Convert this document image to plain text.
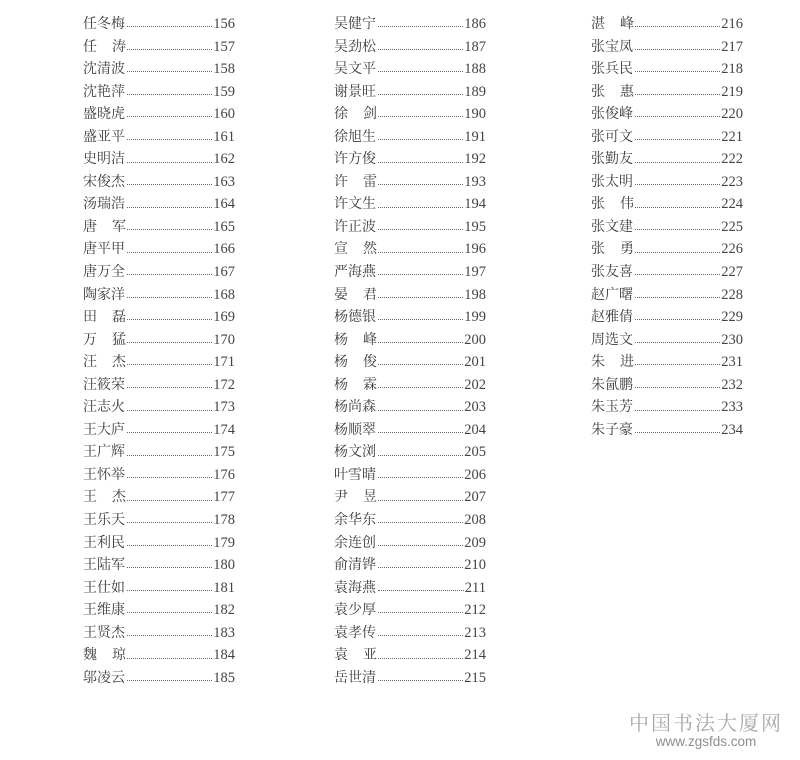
任冬梅	156
任 涛	157
沈清波	158
沈艳萍	159
盛晓虎	160
盛亚平	161
史明洁	162
宋俊杰	163
汤瑞浩	164
唐 军	165
唐平甲	166
唐万全	167
陶家洋	168
田 磊	169
万 猛	170
汪 杰	171
汪筱荣	172
汪志火	173
王大庐	174
王广辉	175
王怀举	176
王 杰	177
王乐天	178
王利民	179
王陆军	180
王仕如	181
王维康	182
王贤杰	183
魏 琼	184
邬凌云	185
吴健宁	186
吴劲松	187
吴文平	188
谢景旺	189
徐 剑	190
徐旭生	191
许方俊	192
许 雷	193
许文生	194
许正波	195
宣 然	196
严海燕	197
晏 君	198
杨德银	199
杨 峰	200
杨 俊	201
杨 霖	202
杨尚森	203
杨顺翠	204
杨文浏	205
叶雪晴	206
尹 昱	207
余华东	208
余连创	209
俞清铧	210
袁海燕	211
袁少厚	212
袁孝传	213
袁 亚	214
岳世清	215
湛 峰	216
张宝凤	217
张兵民	218
张 惠	219
张俊峰	220
张可文	221
张勤友	222
张太明	223
张 伟	224
张文建	225
张 勇	226
张友喜	227
赵广曙	228
赵雅倩	229
周选文	230
朱 进	231
朱氤鹏	232
朱玉芳	233
朱子豪	234
中国书法大厦网
www.zgsfds.com
